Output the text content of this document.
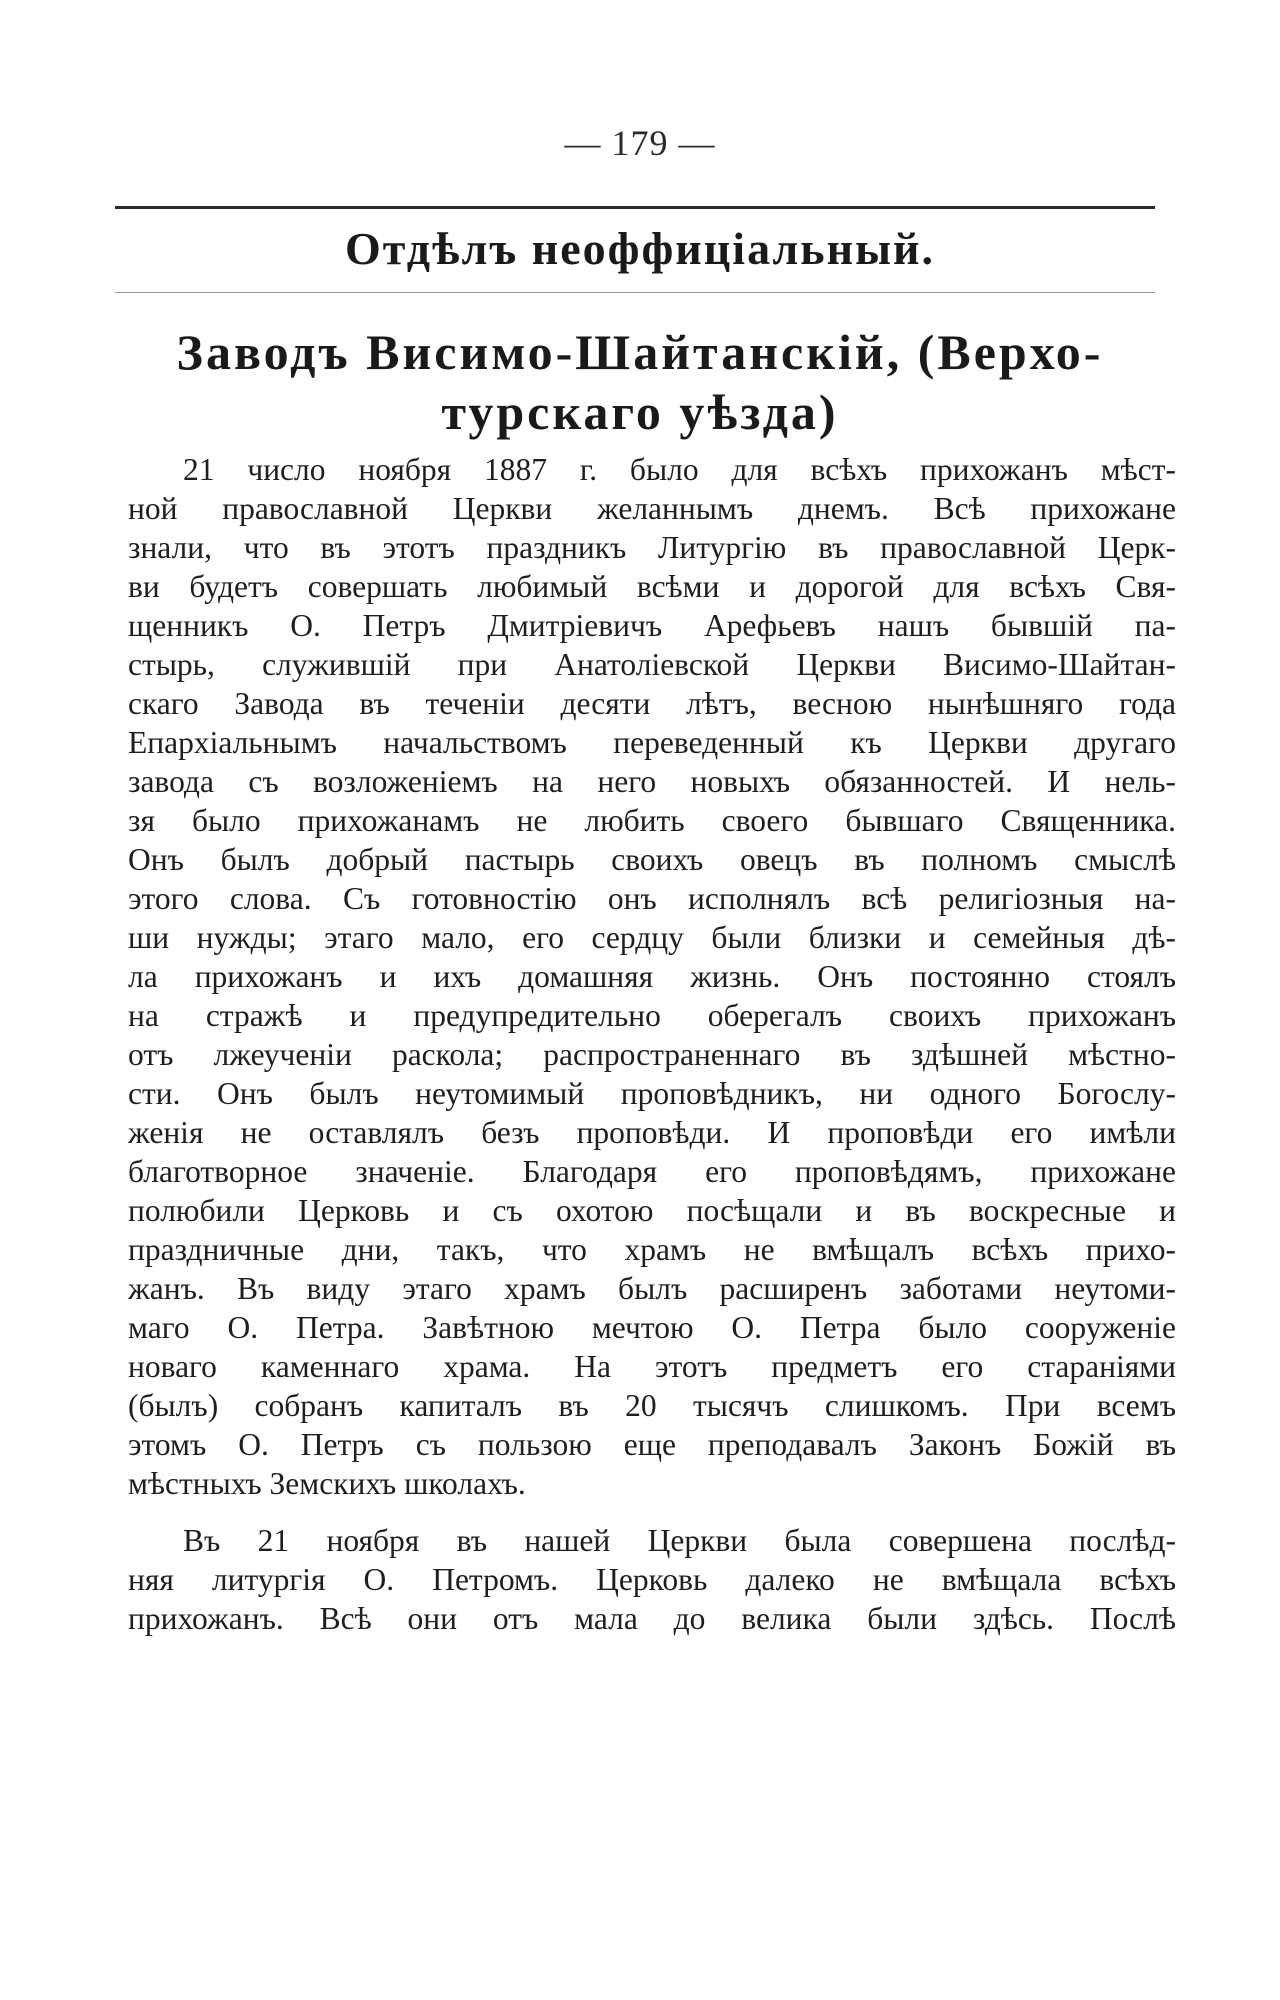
— 179 —
Отдѣлъ неоффиціальный.
Заводъ Висимо-Шайтанскій, (Верхо-турскаго уѣзда)
21 число ноября 1887 г. было для всѣхъ прихожанъ мѣст-
ной православной Церкви желаннымъ днемъ. Всѣ прихожане
знали, что въ этотъ праздникъ Литургію въ православной Церк-
ви будетъ совершать любимый всѣми и дорогой для всѣхъ Свя-
щенникъ О. Петръ Дмитріевичъ Арефьевъ нашъ бывшій па-
стырь, служившій при Анатоліевской Церкви Висимо-Шайтан-
скаго Завода въ теченіи десяти лѣтъ, весною нынѣшняго года
Епархіальнымъ начальствомъ переведенный къ Церкви другаго
завода съ возложеніемъ на него новыхъ обязанностей. И нель-
зя было прихожанамъ не любить своего бывшаго Священника.
Онъ былъ добрый пастырь своихъ овецъ въ полномъ смыслѣ
этого слова. Съ готовностію онъ исполнялъ всѣ религіозныя на-
ши нужды; этаго мало, его сердцу были близки и семейныя дѣ-
ла прихожанъ и ихъ домашняя жизнь. Онъ постоянно стоялъ
на стражѣ и предупредительно оберегалъ своихъ прихожанъ
отъ лжеученіи раскола; распространеннаго въ здѣшней мѣстно-
сти. Онъ былъ неутомимый проповѣдникъ, ни одного Богослу-
женія не оставлялъ безъ проповѣди. И проповѣди его имѣли
благотворное значеніе. Благодаря его проповѣдямъ, прихожане
полюбили Церковь и съ охотою посѣщали и въ воскресные и
праздничные дни, такъ, что храмъ не вмѣщалъ всѣхъ прихо-
жанъ. Въ виду этаго храмъ былъ расширенъ заботами неутоми-
маго О. Петра. Завѣтною мечтою О. Петра было сооруженіе
новаго каменнаго храма. На этотъ предметъ его стараніями
(былъ) собранъ капиталъ въ 20 тысячъ слишкомъ. При всемъ
этомъ О. Петръ съ пользою еще преподавалъ Законъ Божій въ
мѣстныхъ Земскихъ школахъ.
Въ 21 ноября въ нашей Церкви была совершена послѣд-
няя литургія О. Петромъ. Церковь далеко не вмѣщала всѣхъ
прихожанъ. Всѣ они отъ мала до велика были здѣсь. Послѣ
